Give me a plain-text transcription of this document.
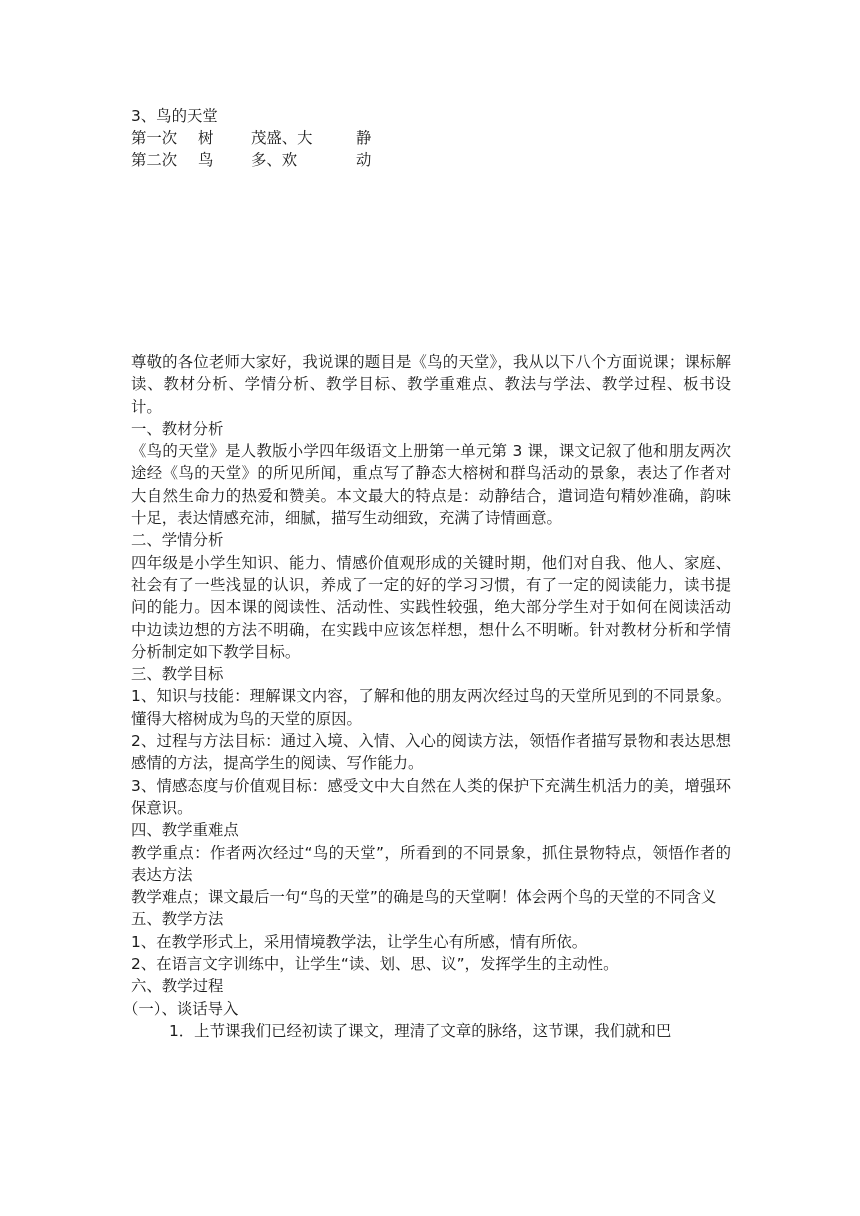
3、鸟的天堂
第一次 树 茂盛、大	静
第二次 鸟 多、欢	动

尊敬的各位老师大家好，我说课的题目是《鸟的天堂》，我从以下八个方面说课；课标解读、教材分析、学情分析、教学目标、教学重难点、教法与学法、教学过程、板书设计。

一、教材分析

《鸟的天堂》是人教版小学四年级语文上册第一单元第 3 课，课文记叙了他和朋友两次途经《鸟的天堂》的所见所闻，重点写了静态大榕树和群鸟活动的景象，表达了作者对大自然生命力的热爱和赞美。本文最大的特点是：动静结合，遣词造句精妙准确，韵味十足，表达情感充沛，细腻，描写生动细致，充满了诗情画意。

二、学情分析

四年级是小学生知识、能力、情感价值观形成的关键时期，他们对自我、他人、家庭、社会有了一些浅显的认识，养成了一定的好的学习习惯，有了一定的阅读能力，读书提问的能力。因本课的阅读性、活动性、实践性较强，绝大部分学生对于如何在阅读活动中边读边想的方法不明确，在实践中应该怎样想，想什么不明晰。针对教材分析和学情分析制定如下教学目标。

三、教学目标

1、知识与技能：理解课文内容，了解和他的朋友两次经过鸟的天堂所见到的不同景象。懂得大榕树成为鸟的天堂的原因。

2、过程与方法目标：通过入境、入情、入心的阅读方法，领悟作者描写景物和表达思想感情的方法，提高学生的阅读、写作能力。

3、情感态度与价值观目标：感受文中大自然在人类的保护下充满生机活力的美，增强环保意识。

四、教学重难点

教学重点：作者两次经过“鸟的天堂”，所看到的不同景象，抓住景物特点，领悟作者的表达方法

教学难点；课文最后一句“鸟的天堂”的确是鸟的天堂啊！体会两个鸟的天堂的不同含义

五、教学方法

1、在教学形式上，采用情境教学法，让学生心有所感，情有所依。

2、在语言文字训练中，让学生“读、划、思、议”，发挥学生的主动性。

六、教学过程

（一）、谈话导入

1．上节课我们已经初读了课文，理清了文章的脉络，这节课，我们就和巴
